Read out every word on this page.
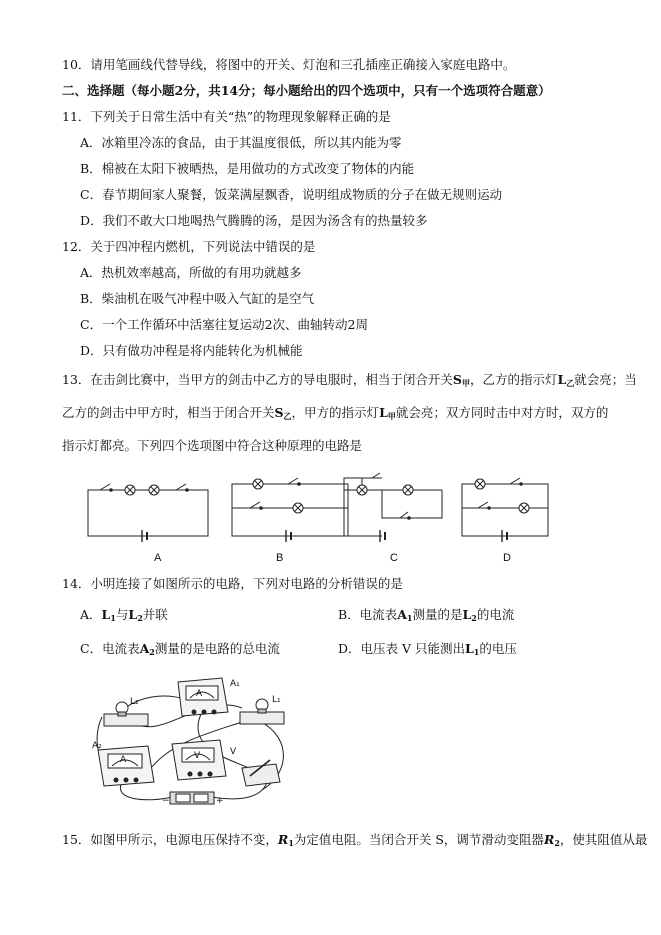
10．请用笔画线代替导线，将图中的开关、灯泡和三孔插座正确接入家庭电路中。
二、选择题（每小题2分，共14分；每小题给出的四个选项中，只有一个选项符合题意）
11．下列关于日常生活中有关“热”的物理现象解释正确的是
A．冰箱里冷冻的食品，由于其温度很低，所以其内能为零
B．棉被在太阳下被晒热，是用做功的方式改变了物体的内能
C．春节期间家人聚餐，饭菜满屋飘香，说明组成物质的分子在做无规则运动
D．我们不敢大口地喝热气腾腾的汤，是因为汤含有的热量较多
12．关于四冲程内燃机，下列说法中错误的是
A．热机效率越高，所做的有用功就越多
B．柴油机在吸气冲程中吸入气缸的是空气
C．一个工作循环中活塞往复运动2次、曲轴转动2周
D．只有做功冲程是将内能转化为机械能
13．在击剑比赛中，当甲方的剑击中乙方的导电服时，相当于闭合开关$S_甲$，乙方的指示灯$L_乙$就会亮；当
乙方的剑击中甲方时，相当于闭合开关$S_乙$，甲方的指示灯$L_甲$就会亮；双方同时击中对方时，双方的
指示灯都亮。下列四个选项图中符合这种原理的电路是
A	B	C	D
14．小明连接了如图所示的电路，下列对电路的分析错误的是
A．$L_1$与$L_2$并联	B．电流表$A_1$测量的是$L_2$的电流
C．电流表$A_2$测量的是电路的总电流	D．电压表 V 只能测出$L_1$的电压
L₂	L₁
A
A₁
A₂
A	V	V
−	+
15．如图甲所示，电源电压保持不变，$R_1$为定值电阻。当闭合开关 S，调节滑动变阻器$R_2$，使其阻值从最
